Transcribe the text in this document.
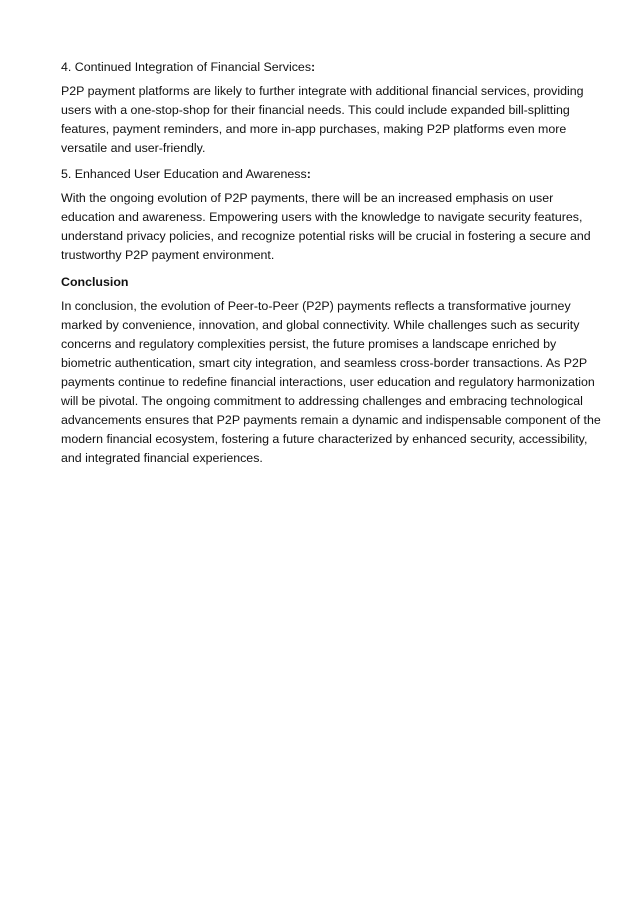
4. Continued Integration of Financial Services:
P2P payment platforms are likely to further integrate with additional financial services, providing
users with a one-stop-shop for their financial needs. This could include expanded bill-splitting
features, payment reminders, and more in-app purchases, making P2P platforms even more
versatile and user-friendly.
5. Enhanced User Education and Awareness:
With the ongoing evolution of P2P payments, there will be an increased emphasis on user
education and awareness. Empowering users with the knowledge to navigate security features,
understand privacy policies, and recognize potential risks will be crucial in fostering a secure and
trustworthy P2P payment environment.
Conclusion
In conclusion, the evolution of Peer-to-Peer (P2P) payments reflects a transformative journey
marked by convenience, innovation, and global connectivity. While challenges such as security
concerns and regulatory complexities persist, the future promises a landscape enriched by
biometric authentication, smart city integration, and seamless cross-border transactions. As P2P
payments continue to redefine financial interactions, user education and regulatory harmonization
will be pivotal. The ongoing commitment to addressing challenges and embracing technological
advancements ensures that P2P payments remain a dynamic and indispensable component of the
modern financial ecosystem, fostering a future characterized by enhanced security, accessibility,
and integrated financial experiences.
